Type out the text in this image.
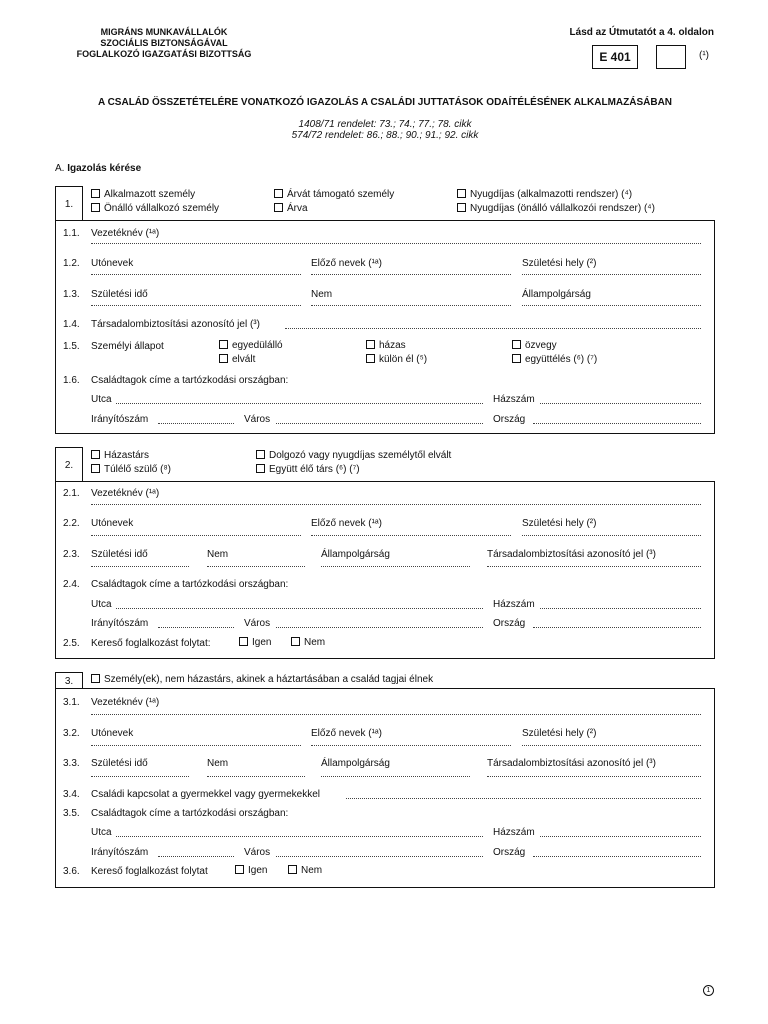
MIGRÁNS MUNKAVÁLLALÓK
SZOCIÁLIS BIZTONSÁGÁVAL
FOGLALKOZÓ IGAZGATÁSI BIZOTTSÁG
Lásd az Útmutatót a 4. oldalon
E 401	(¹)
A CSALÁD ÖSSZETÉTELÉRE VONATKOZÓ IGAZOLÁS A CSALÁDI JUTTATÁSOK ODAÍTÉLÉSÉNEK ALKALMAZÁSÁBAN
1408/71 rendelet: 73.; 74.; 77.; 78. cikk
574/72 rendelet: 86.; 88.; 90.; 91.; 92. cikk
A. Igazolás kérése
1.
Alkalmazott személy
Önálló vállalkozó személy
Árvát támogató személy
Árva
Nyugdíjas (alkalmazotti rendszer) (⁴)
Nyugdíjas (önálló vállalkozói rendszer) (⁴)
1.1. Vezetéknév (¹ᵃ)
1.2. Utónevek	Előző nevek (¹ᵃ)	Születési hely (²)
1.3. Születési idő	Nem	Állampolgárság
1.4. Társadalombiztosítási azonosító jel (³)
1.5. Személyi állapot	egyedülálló
elvált
házas
külön él (⁵)
özvegy
együttélés (⁶) (⁷)
1.6. Családtagok címe a tartózkodási országban:
Utca	Házszám
Irányítószám	Város	Ország
2.
Házastárs
Túlélő szülő (⁸)
Dolgozó vagy nyugdíjas személytől elvált
Együtt élő társ (⁶) (⁷)
2.1. Vezetéknév (¹ᵃ)
2.2. Utónevek	Előző nevek (¹ᵃ)	Születési hely (²)
2.3. Születési idő	Nem	Állampolgárság	Társadalombiztosítási azonosító jel (³)
2.4. Családtagok címe a tartózkodási országban:
Utca	Házszám
Irányítószám	Város	Ország
2.5. Kereső foglalkozást folytat:	Igen	Nem
3.	Személy(ek), nem házastárs, akinek a háztartásában a család tagjai élnek
3.1. Vezetéknév (¹ᵃ)
3.2. Utónevek	Előző nevek (¹ᵃ)	Születési hely (²)
3.3. Születési idő	Nem	Állampolgárság	Társadalombiztosítási azonosító jel (³)
3.4. Családi kapcsolat a gyermekkel vagy gyermekekkel
3.5. Családtagok címe a tartózkodási országban:
Utca	Házszám
Irányítószám	Város	Ország
3.6. Kereső foglalkozást folytat	Igen	Nem
1
